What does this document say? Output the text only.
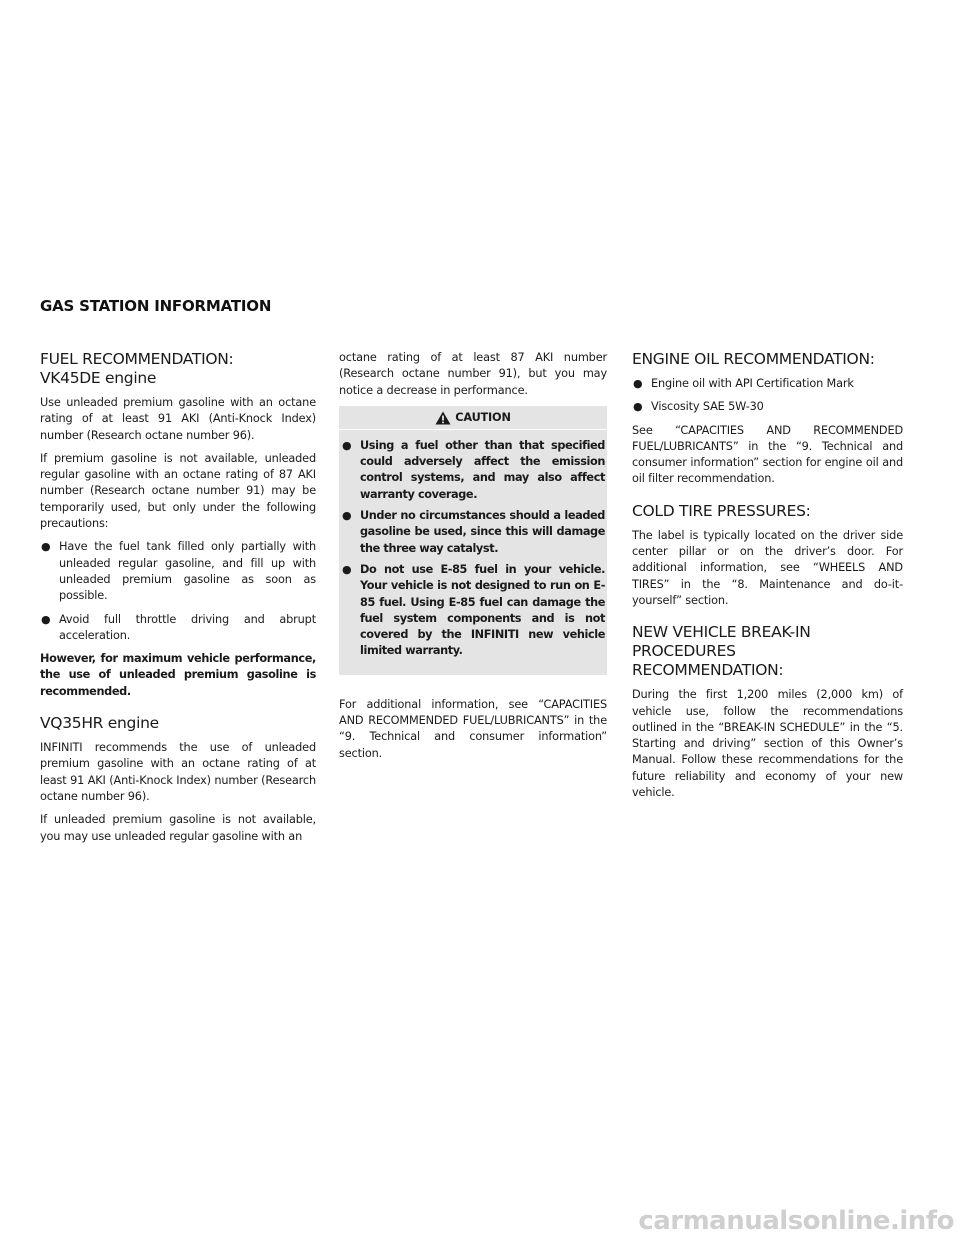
GAS STATION INFORMATION
FUEL RECOMMENDATION:
VK45DE engine

Use unleaded premium gasoline with an octane rating of at least 91 AKI (Anti-Knock Index) number (Research octane number 96).

If premium gasoline is not available, unleaded regular gasoline with an octane rating of 87 AKI number (Research octane number 91) may be temporarily used, but only under the following precautions:

● Have the fuel tank filled only partially with unleaded regular gasoline, and fill up with unleaded premium gasoline as soon as possible.
● Avoid full throttle driving and abrupt acceleration.

However, for maximum vehicle performance, the use of unleaded premium gasoline is recommended.

VQ35HR engine

INFINITI recommends the use of unleaded premium gasoline with an octane rating of at least 91 AKI (Anti-Knock Index) number (Research octane number 96).

If unleaded premium gasoline is not available, you may use unleaded regular gasoline with an

octane rating of at least 87 AKI number (Research octane number 91), but you may notice a decrease in performance.

CAUTION
● Using a fuel other than that specified could adversely affect the emission control systems, and may also affect warranty coverage.
● Under no circumstances should a leaded gasoline be used, since this will damage the three way catalyst.
● Do not use E-85 fuel in your vehicle. Your vehicle is not designed to run on E-85 fuel. Using E-85 fuel can damage the fuel system components and is not covered by the INFINITI new vehicle limited warranty.

For additional information, see “CAPACITIES AND RECOMMENDED FUEL/LUBRICANTS” in the “9. Technical and consumer information” section.

ENGINE OIL RECOMMENDATION:
● Engine oil with API Certification Mark
● Viscosity SAE 5W-30

See “CAPACITIES AND RECOMMENDED FUEL/LUBRICANTS” in the “9. Technical and consumer information” section for engine oil and oil filter recommendation.

COLD TIRE PRESSURES:

The label is typically located on the driver side center pillar or on the driver’s door. For additional information, see “WHEELS AND TIRES” in the “8. Maintenance and do-it-yourself” section.

NEW VEHICLE BREAK-IN PROCEDURES
RECOMMENDATION:

During the first 1,200 miles (2,000 km) of vehicle use, follow the recommendations outlined in the “BREAK-IN SCHEDULE” in the “5. Starting and driving” section of this Owner’s Manual. Follow these recommendations for the future reliability and economy of your new vehicle.

carmanualsonline.info
